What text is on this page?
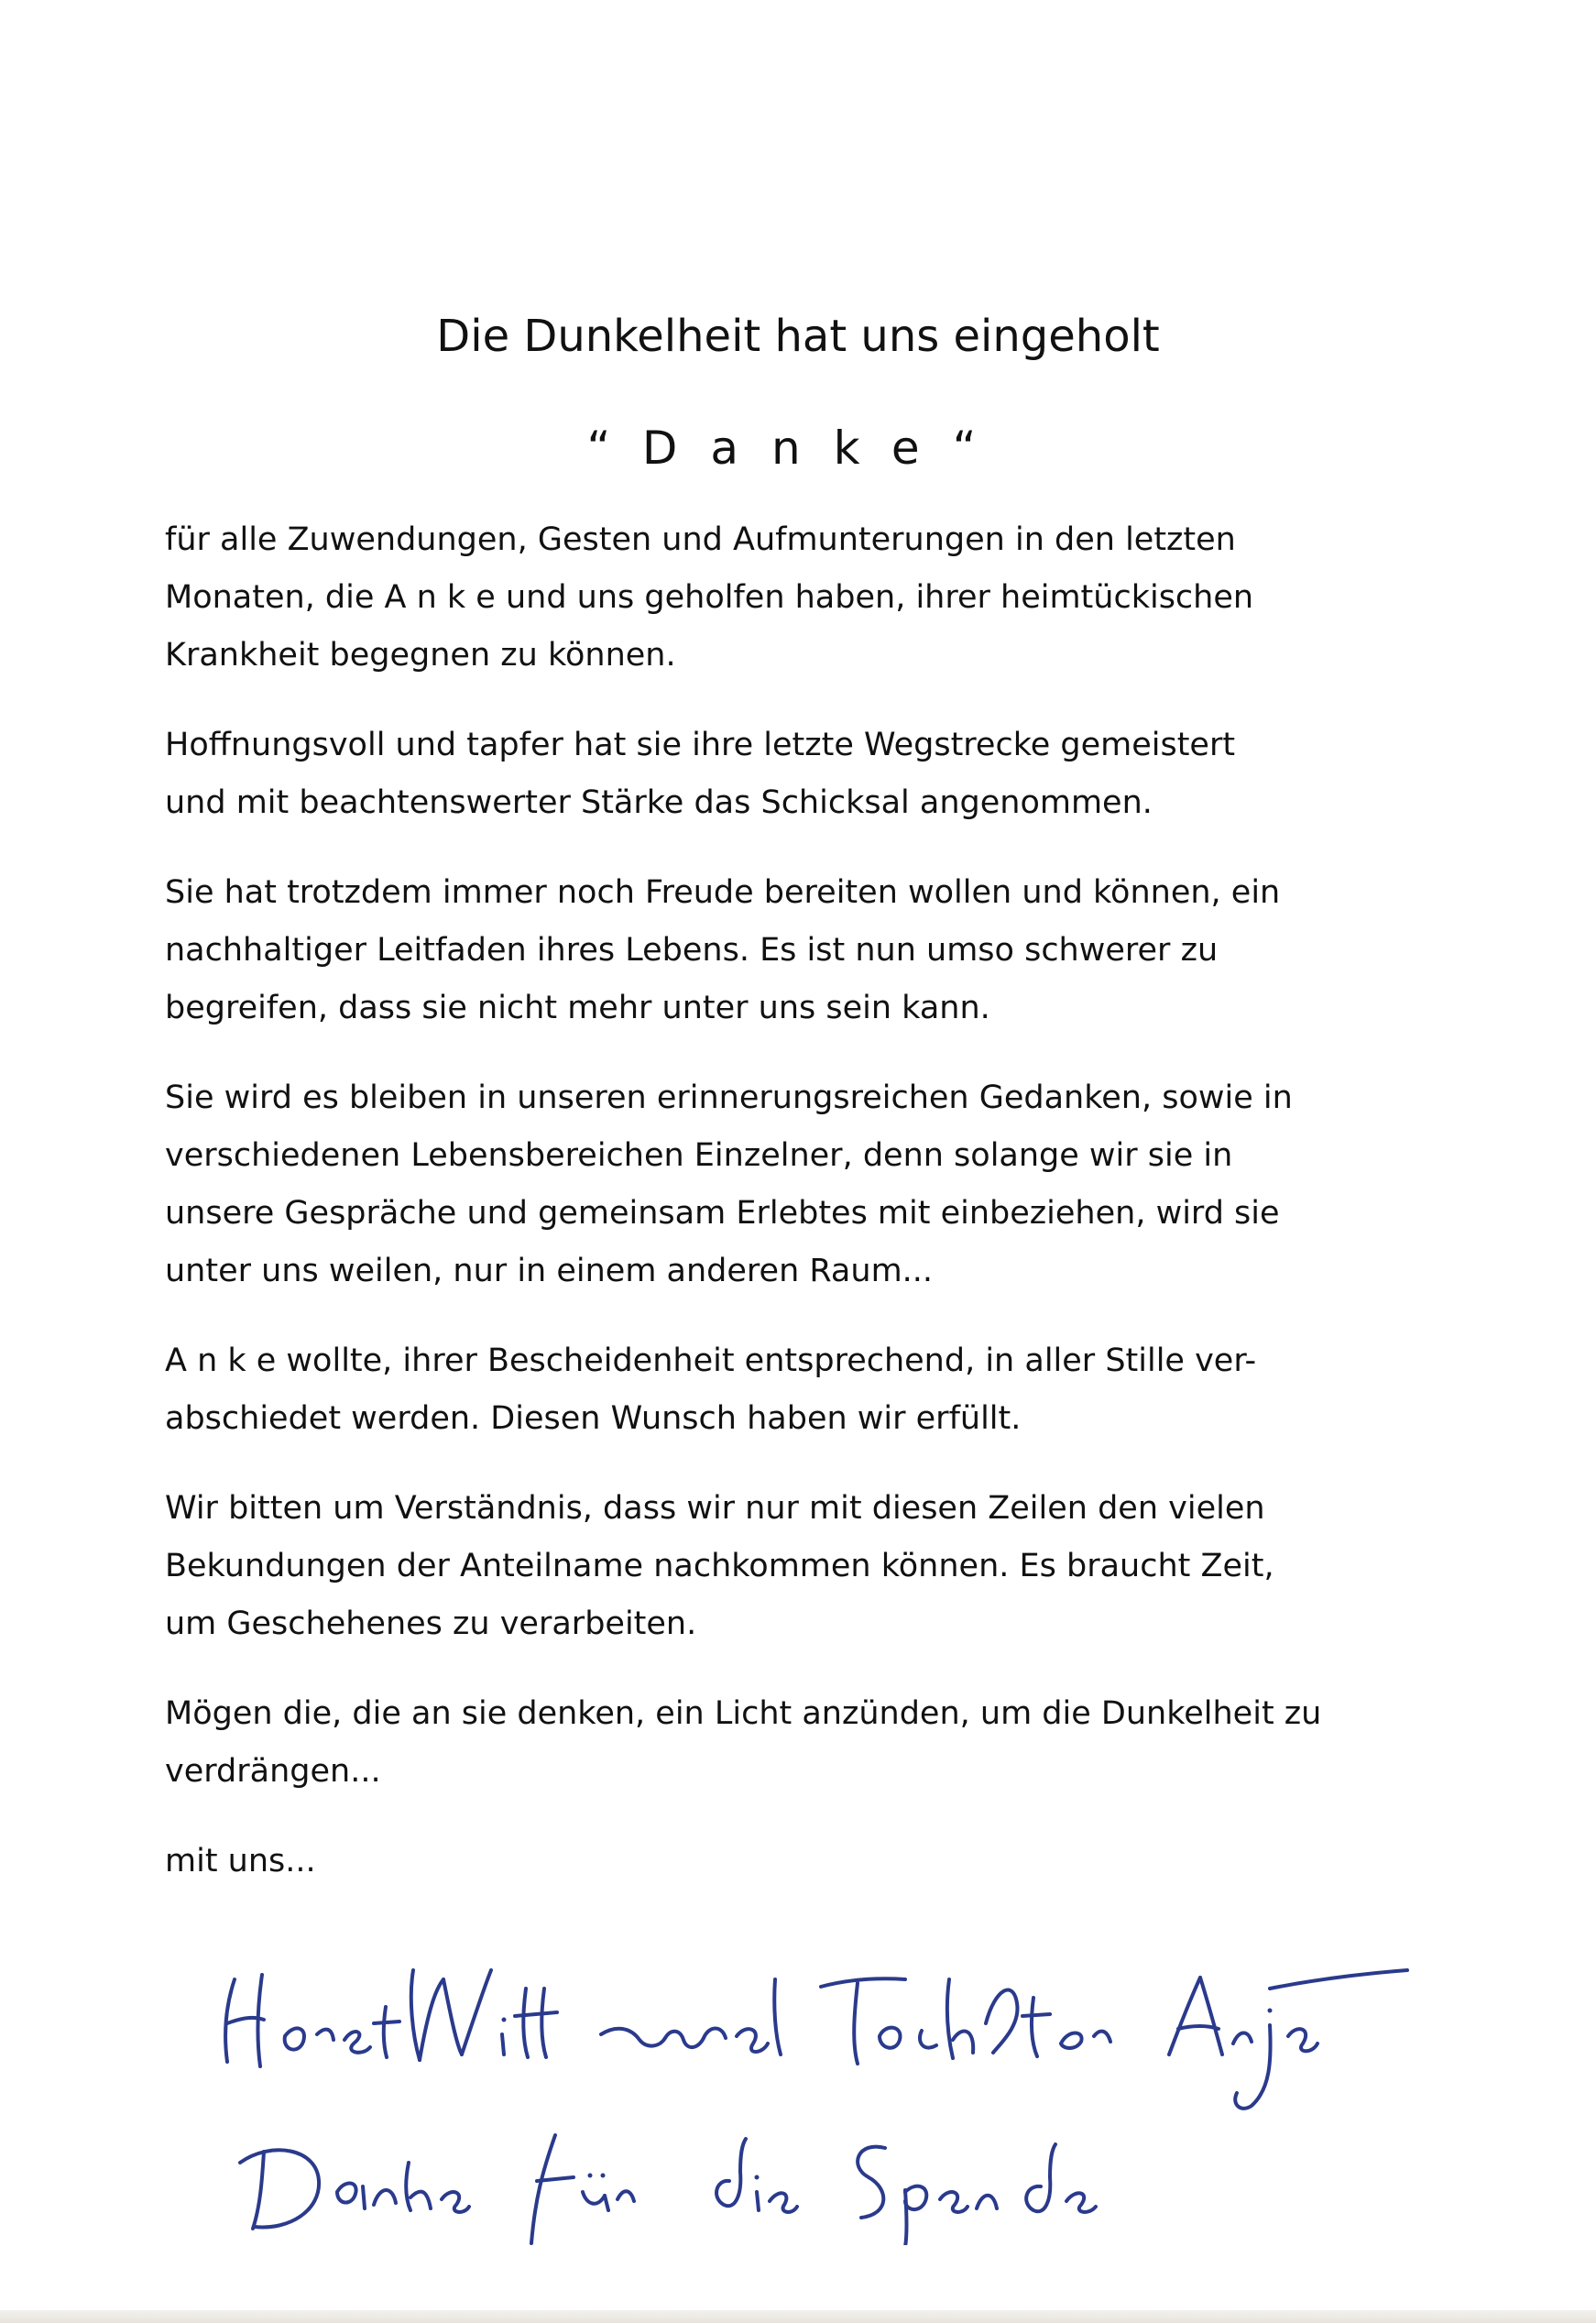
Die Dunkelheit hat uns eingeholt
“Danke“

für alle Zuwendungen, Gesten und Aufmunterungen in den letzten
Monaten, die A n k e und uns geholfen haben, ihrer heimtückischen
Krankheit begegnen zu können.

Hoffnungsvoll und tapfer hat sie ihre letzte Wegstrecke gemeistert
und mit beachtenswerter Stärke das Schicksal angenommen.

Sie hat trotzdem immer noch Freude bereiten wollen und können, ein
nachhaltiger Leitfaden ihres Lebens. Es ist nun umso schwerer zu
begreifen, dass sie nicht mehr unter uns sein kann.

Sie wird es bleiben in unseren erinnerungsreichen Gedanken, sowie in
verschiedenen Lebensbereichen Einzelner, denn solange wir sie in
unsere Gespräche und gemeinsam Erlebtes mit einbeziehen, wird sie
unter uns weilen, nur in einem anderen Raum...

A n k e wollte, ihrer Bescheidenheit entsprechend, in aller Stille ver-
abschiedet werden. Diesen Wunsch haben wir erfüllt.

Wir bitten um Verständnis, dass wir nur mit diesen Zeilen den vielen
Bekundungen der Anteilname nachkommen können. Es braucht Zeit,
um Geschehenes zu verarbeiten.

Mögen die, die an sie denken, ein Licht anzünden, um die Dunkelheit zu
verdrängen...

mit uns...
